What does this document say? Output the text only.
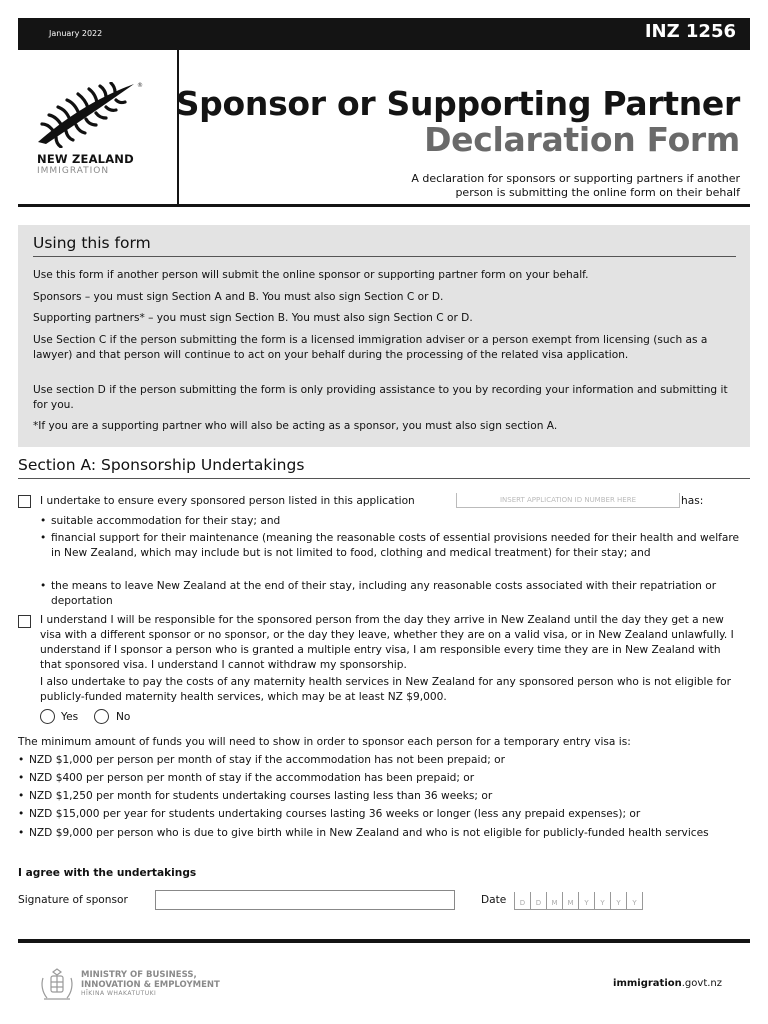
January 2022	INZ 1256
®
NEW ZEALAND
IMMIGRATION
Sponsor or Supporting Partner
Declaration Form
A declaration for sponsors or supporting partners if another
person is submitting the online form on their behalf
Using this form
Use this form if another person will submit the online sponsor or supporting partner form on your behalf.
Sponsors – you must sign Section A and B. You must also sign Section C or D.
Supporting partners* – you must sign Section B. You must also sign Section C or D.
Use Section C if the person submitting the form is a licensed immigration adviser or a person exempt from licensing (such as a lawyer) and that person will continue to act on your behalf during the processing of the related visa application.
Use section D if the person submitting the form is only providing assistance to you by recording your information and submitting it for you.
*If you are a supporting partner who will also be acting as a sponsor, you must also sign section A.
Section A: Sponsorship Undertakings
I undertake to ensure every sponsored person listed in this application	INSERT APPLICATION ID NUMBER HERE	has:
• suitable accommodation for their stay; and
• financial support for their maintenance (meaning the reasonable costs of essential provisions needed for their health and welfare in New Zealand, which may include but is not limited to food, clothing and medical treatment) for their stay; and
• the means to leave New Zealand at the end of their stay, including any reasonable costs associated with their repatriation or deportation
I understand I will be responsible for the sponsored person from the day they arrive in New Zealand until the day they get a new visa with a different sponsor or no sponsor, or the day they leave, whether they are on a valid visa, or in New Zealand unlawfully. I understand if I sponsor a person who is granted a multiple entry visa, I am responsible every time they are in New Zealand with that sponsored visa. I understand I cannot withdraw my sponsorship.
I also undertake to pay the costs of any maternity health services in New Zealand for any sponsored person who is not eligible for publicly-funded maternity health services, which may be at least NZ $9,000.
Yes	No
The minimum amount of funds you will need to show in order to sponsor each person for a temporary entry visa is:
• NZD $1,000 per person per month of stay if the accommodation has not been prepaid; or
• NZD $400 per person per month of stay if the accommodation has been prepaid; or
• NZD $1,250 per month for students undertaking courses lasting less than 36 weeks; or
• NZD $15,000 per year for students undertaking courses lasting 36 weeks or longer (less any prepaid expenses); or
• NZD $9,000 per person who is due to give birth while in New Zealand and who is not eligible for publicly-funded health services
I agree with the undertakings
Signature of sponsor	Date	D	D	M	M	Y	Y	Y	Y
MINISTRY OF BUSINESS,
INNOVATION & EMPLOYMENT
HĪKINA WHAKATUTUKI
immigration.govt.nz
